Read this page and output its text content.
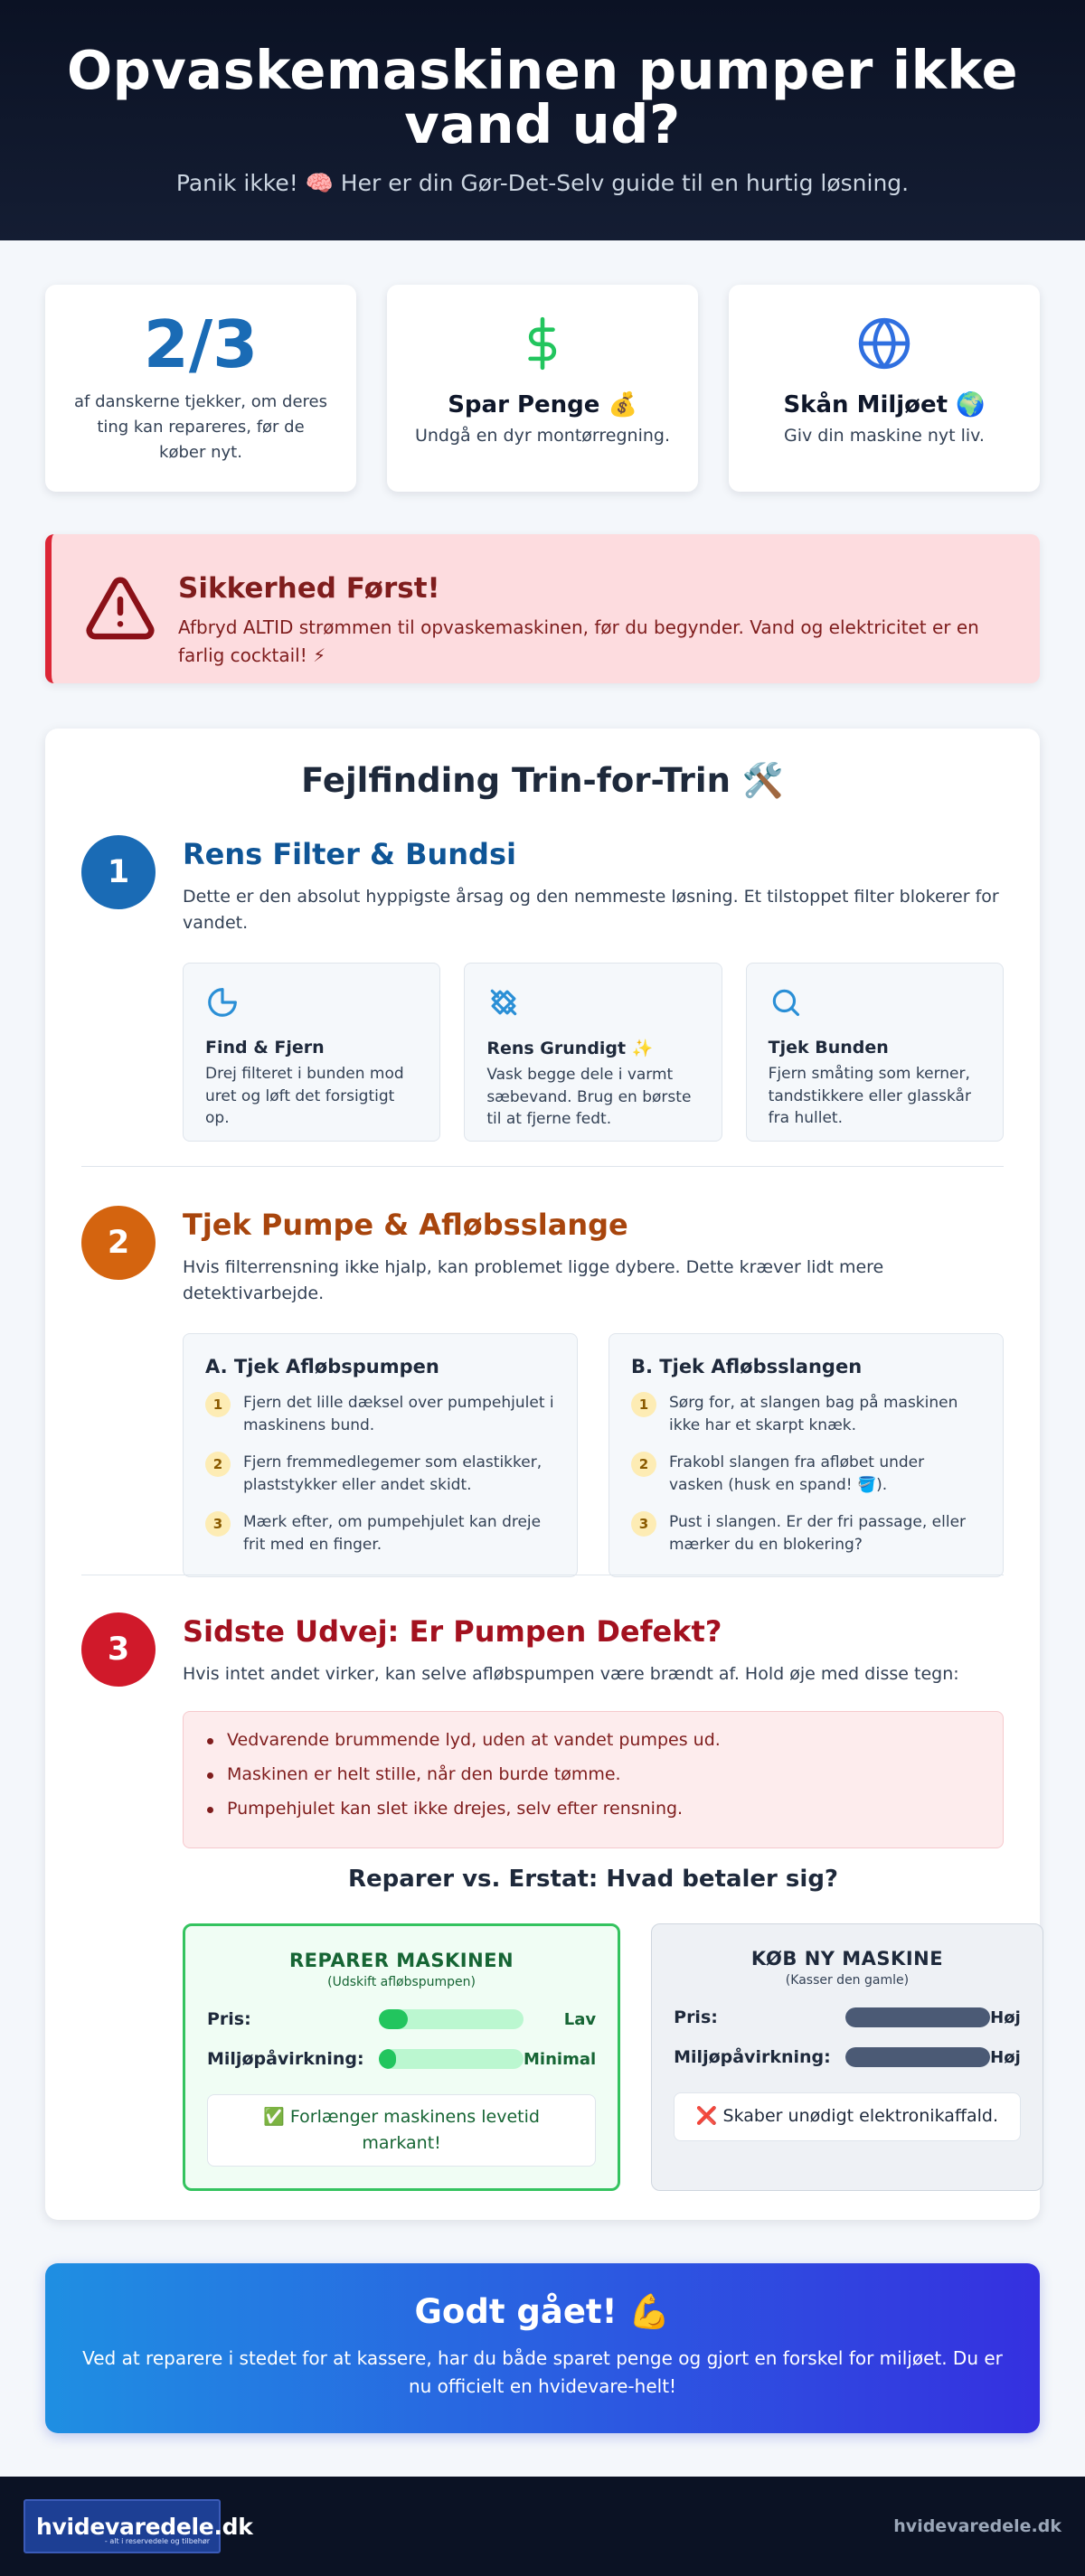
Opvaskemaskinen pumper ikke vand ud?

Panik ikke! 🧠 Her er din Gør-Det-Selv guide til en hurtig løsning.

2/3
af danskerne tjekker, om deres ting kan repareres, før de køber nyt.
Spar Penge 💰
Undgå en dyr montørregning.
Skån Miljøet 🌍
Giv din maskine nyt liv.
Sikkerhed Først!

Afbryd ALTID strømmen til opvaskemaskinen, før du begynder. Vand og elektricitet er en farlig cocktail! ⚡

Fejlfinding Trin-for-Trin 🛠️
1	Rens Filter & Bundsi

Dette er den absolut hyppigste årsag og den nemmeste løsning. Et tilstoppet filter blokerer for vandet.

Find & Fjern

Drej filteret i bunden mod uret og løft det forsigtigt op.

Rens Grundigt ✨

Vask begge dele i varmt sæbevand. Brug en børste til at fjerne fedt.

Tjek Bunden

Fjern småting som kerner, tandstikkere eller glasskår fra hullet.

2	Tjek Pumpe & Afløbsslange

Hvis filterrensning ikke hjalp, kan problemet ligge dybere. Dette kræver lidt mere detektivarbejde.

A. Tjek Afløbspumpen
1	Fjern det lille dæksel over pumpehjulet i maskinens bund.
2	Fjern fremmedlegemer som elastikker, plaststykker eller andet skidt.
3	Mærk efter, om pumpehjulet kan dreje frit med en finger.
B. Tjek Afløbsslangen
1	Sørg for, at slangen bag på maskinen ikke har et skarpt knæk.
2	Frakobl slangen fra afløbet under vasken (husk en spand! 🪣).
3	Pust i slangen. Er der fri passage, eller mærker du en blokering?
3	Sidste Udvej: Er Pumpen Defekt?

Hvis intet andet virker, kan selve afløbspumpen være brændt af. Hold øje med disse tegn:

Vedvarende brummende lyd, uden at vandet pumpes ud.
Maskinen er helt stille, når den burde tømme.
Pumpehjulet kan slet ikke drejes, selv efter rensning.
Reparer vs. Erstat: Hvad betaler sig?
REPARER MASKINEN
(Udskift afløbspumpen)
Pris:	Lav
Miljøpåvirkning:	Minimal
✅ Forlænger maskinens levetid markant!
KØB NY MASKINE
(Kasser den gamle)
Pris:	Høj
Miljøpåvirkning:	Høj
❌ Skaber unødigt elektronikaffald.
Godt gået! 💪

Ved at reparere i stedet for at kassere, har du både sparet penge og gjort en forskel for miljøet. Du er nu officielt en hvidevare-helt!

hvidevaredele.dk
- alt i reservedele og tilbehør
hvidevaredele.dk
